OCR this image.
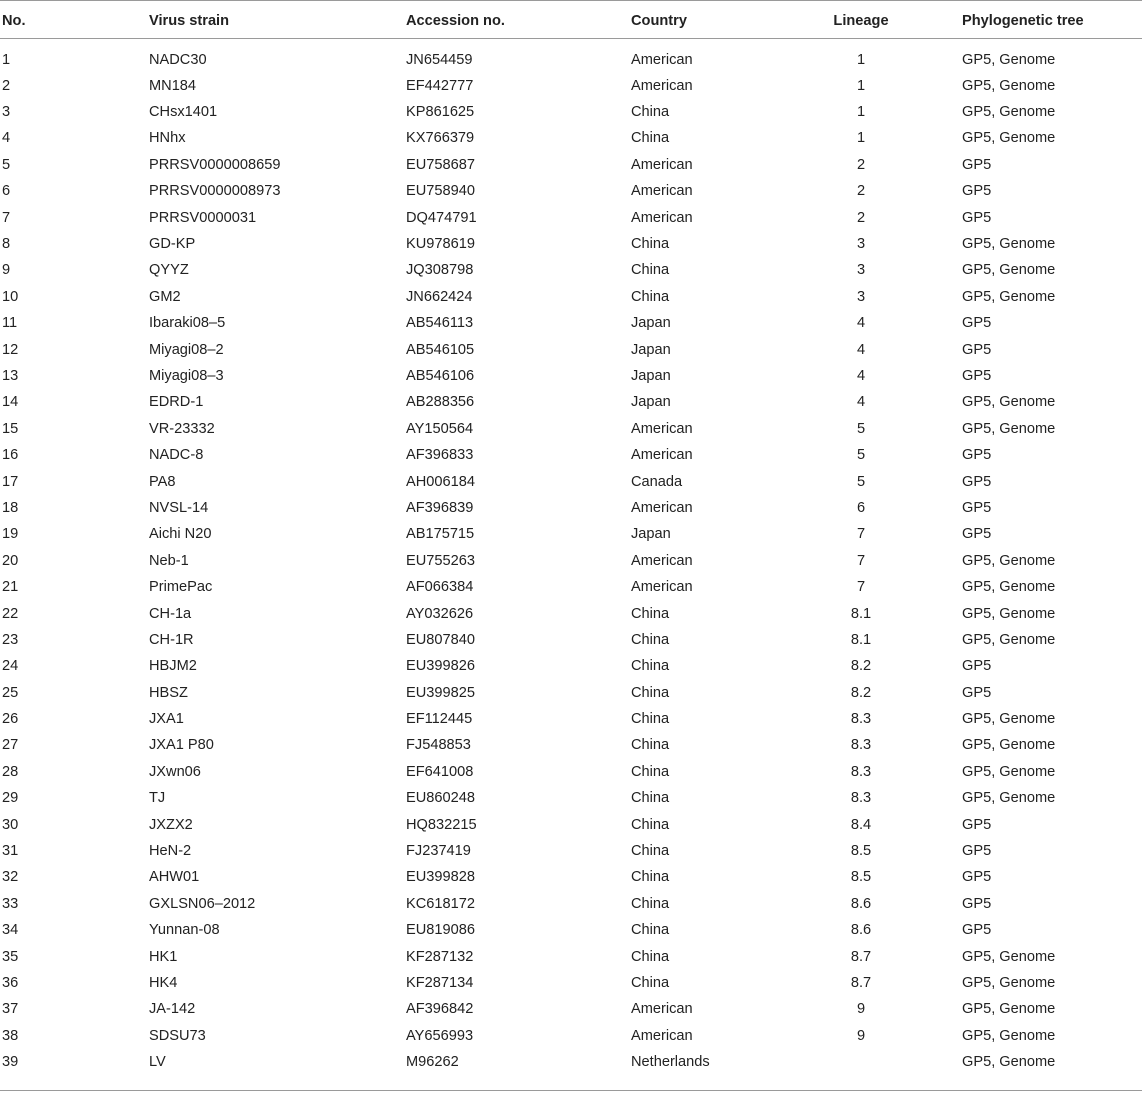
No.	Virus strain	Accession no.	Country	Lineage	Phylogenetic tree
1	NADC30	JN654459	American	1	GP5, Genome
2	MN184	EF442777	American	1	GP5, Genome
3	CHsx1401	KP861625	China	1	GP5, Genome
4	HNhx	KX766379	China	1	GP5, Genome
5	PRRSV0000008659	EU758687	American	2	GP5
6	PRRSV0000008973	EU758940	American	2	GP5
7	PRRSV0000031	DQ474791	American	2	GP5
8	GD-KP	KU978619	China	3	GP5, Genome
9	QYYZ	JQ308798	China	3	GP5, Genome
10	GM2	JN662424	China	3	GP5, Genome
11	Ibaraki08–5	AB546113	Japan	4	GP5
12	Miyagi08–2	AB546105	Japan	4	GP5
13	Miyagi08–3	AB546106	Japan	4	GP5
14	EDRD-1	AB288356	Japan	4	GP5, Genome
15	VR-23332	AY150564	American	5	GP5, Genome
16	NADC-8	AF396833	American	5	GP5
17	PA8	AH006184	Canada	5	GP5
18	NVSL-14	AF396839	American	6	GP5
19	Aichi N20	AB175715	Japan	7	GP5
20	Neb-1	EU755263	American	7	GP5, Genome
21	PrimePac	AF066384	American	7	GP5, Genome
22	CH-1a	AY032626	China	8.1	GP5, Genome
23	CH-1R	EU807840	China	8.1	GP5, Genome
24	HBJM2	EU399826	China	8.2	GP5
25	HBSZ	EU399825	China	8.2	GP5
26	JXA1	EF112445	China	8.3	GP5, Genome
27	JXA1 P80	FJ548853	China	8.3	GP5, Genome
28	JXwn06	EF641008	China	8.3	GP5, Genome
29	TJ	EU860248	China	8.3	GP5, Genome
30	JXZX2	HQ832215	China	8.4	GP5
31	HeN-2	FJ237419	China	8.5	GP5
32	AHW01	EU399828	China	8.5	GP5
33	GXLSN06–2012	KC618172	China	8.6	GP5
34	Yunnan-08	EU819086	China	8.6	GP5
35	HK1	KF287132	China	8.7	GP5, Genome
36	HK4	KF287134	China	8.7	GP5, Genome
37	JA-142	AF396842	American	9	GP5, Genome
38	SDSU73	AY656993	American	9	GP5, Genome
39	LV	M96262	Netherlands		GP5, Genome
